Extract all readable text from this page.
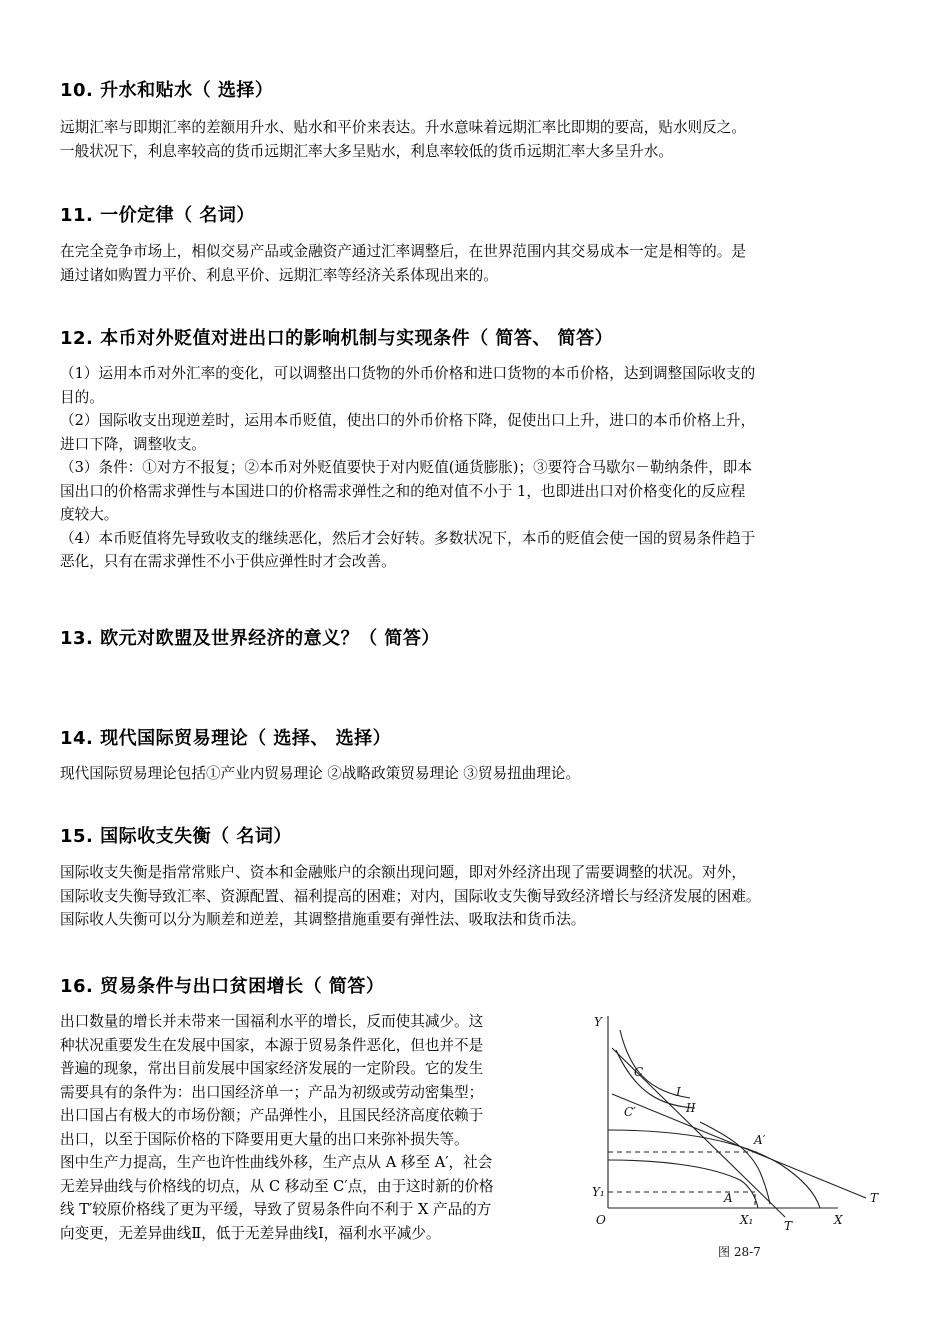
10. 升水和贴水（ 选择）
远期汇率与即期汇率的差额用升水、贴水和平价来表达。升水意味着远期汇率比即期的要高，贴水则反之。
一般状况下，利息率较高的货币远期汇率大多呈贴水，利息率较低的货币远期汇率大多呈升水。
11. 一价定律（ 名词）
在完全竞争市场上，相似交易产品或金融资产通过汇率调整后，在世界范围内其交易成本一定是相等的。是
通过诸如购置力平价、利息平价、远期汇率等经济关系体现出来的。
12. 本币对外贬值对进出口的影响机制与实现条件（ 简答、 简答）
（1）运用本币对外汇率的变化，可以调整出口货物的外币价格和进口货物的本币价格，达到调整国际收支的
目的。
（2）国际收支出现逆差时，运用本币贬值，使出口的外币价格下降，促使出口上升，进口的本币价格上升，
进口下降，调整收支。
（3）条件：①对方不报复；②本币对外贬值要快于对内贬值(通货膨胀)；③要符合马歇尔－勒纳条件，即本
国出口的价格需求弹性与本国进口的价格需求弹性之和的绝对值不小于 1，也即进出口对价格变化的反应程
度较大。
（4）本币贬值将先导致收支的继续恶化，然后才会好转。多数状况下，本币的贬值会使一国的贸易条件趋于
恶化，只有在需求弹性不小于供应弹性时才会改善。
13. 欧元对欧盟及世界经济的意义？（ 简答）
14. 现代国际贸易理论（ 选择、 选择）
现代国际贸易理论包括①产业内贸易理论 ②战略政策贸易理论 ③贸易扭曲理论。
15. 国际收支失衡（ 名词）
国际收支失衡是指常常账户、资本和金融账户的余额出现问题，即对外经济出现了需要调整的状况。对外，
国际收支失衡导致汇率、资源配置、福利提高的困难；对内，国际收支失衡导致经济增长与经济发展的困难。
国际收人失衡可以分为顺差和逆差，其调整措施重要有弹性法、吸取法和货币法。
16. 贸易条件与出口贫困增长（ 简答）
出口数量的增长并未带来一国福利水平的增长，反而使其减少。这
种状况重要发生在发展中国家，本源于贸易条件恶化，但也并不是
普遍的现象，常出目前发展中国家经济发展的一定阶段。它的发生
需要具有的条件为：出口国经济单一；产品为初级或劳动密集型；
出口国占有极大的市场份额；产品弹性小，且国民经济高度依赖于
出口，以至于国际价格的下降要用更大量的出口来弥补损失等。
图中生产力提高，生产也许性曲线外移，生产点从 A 移至 A′，社会
无差异曲线与价格线的切点，从 C 移动至 C′点，由于这时新的价格
线 T′较原价格线了更为平缓，导致了贸易条件向不利于 X 产品的方
向变更，无差异曲线Ⅱ，低于无差异曲线Ⅰ，福利水平减少。
Y
X
O
Y₁
X₁
C
C′
I
II
A
A′
T
T
图 28-7
